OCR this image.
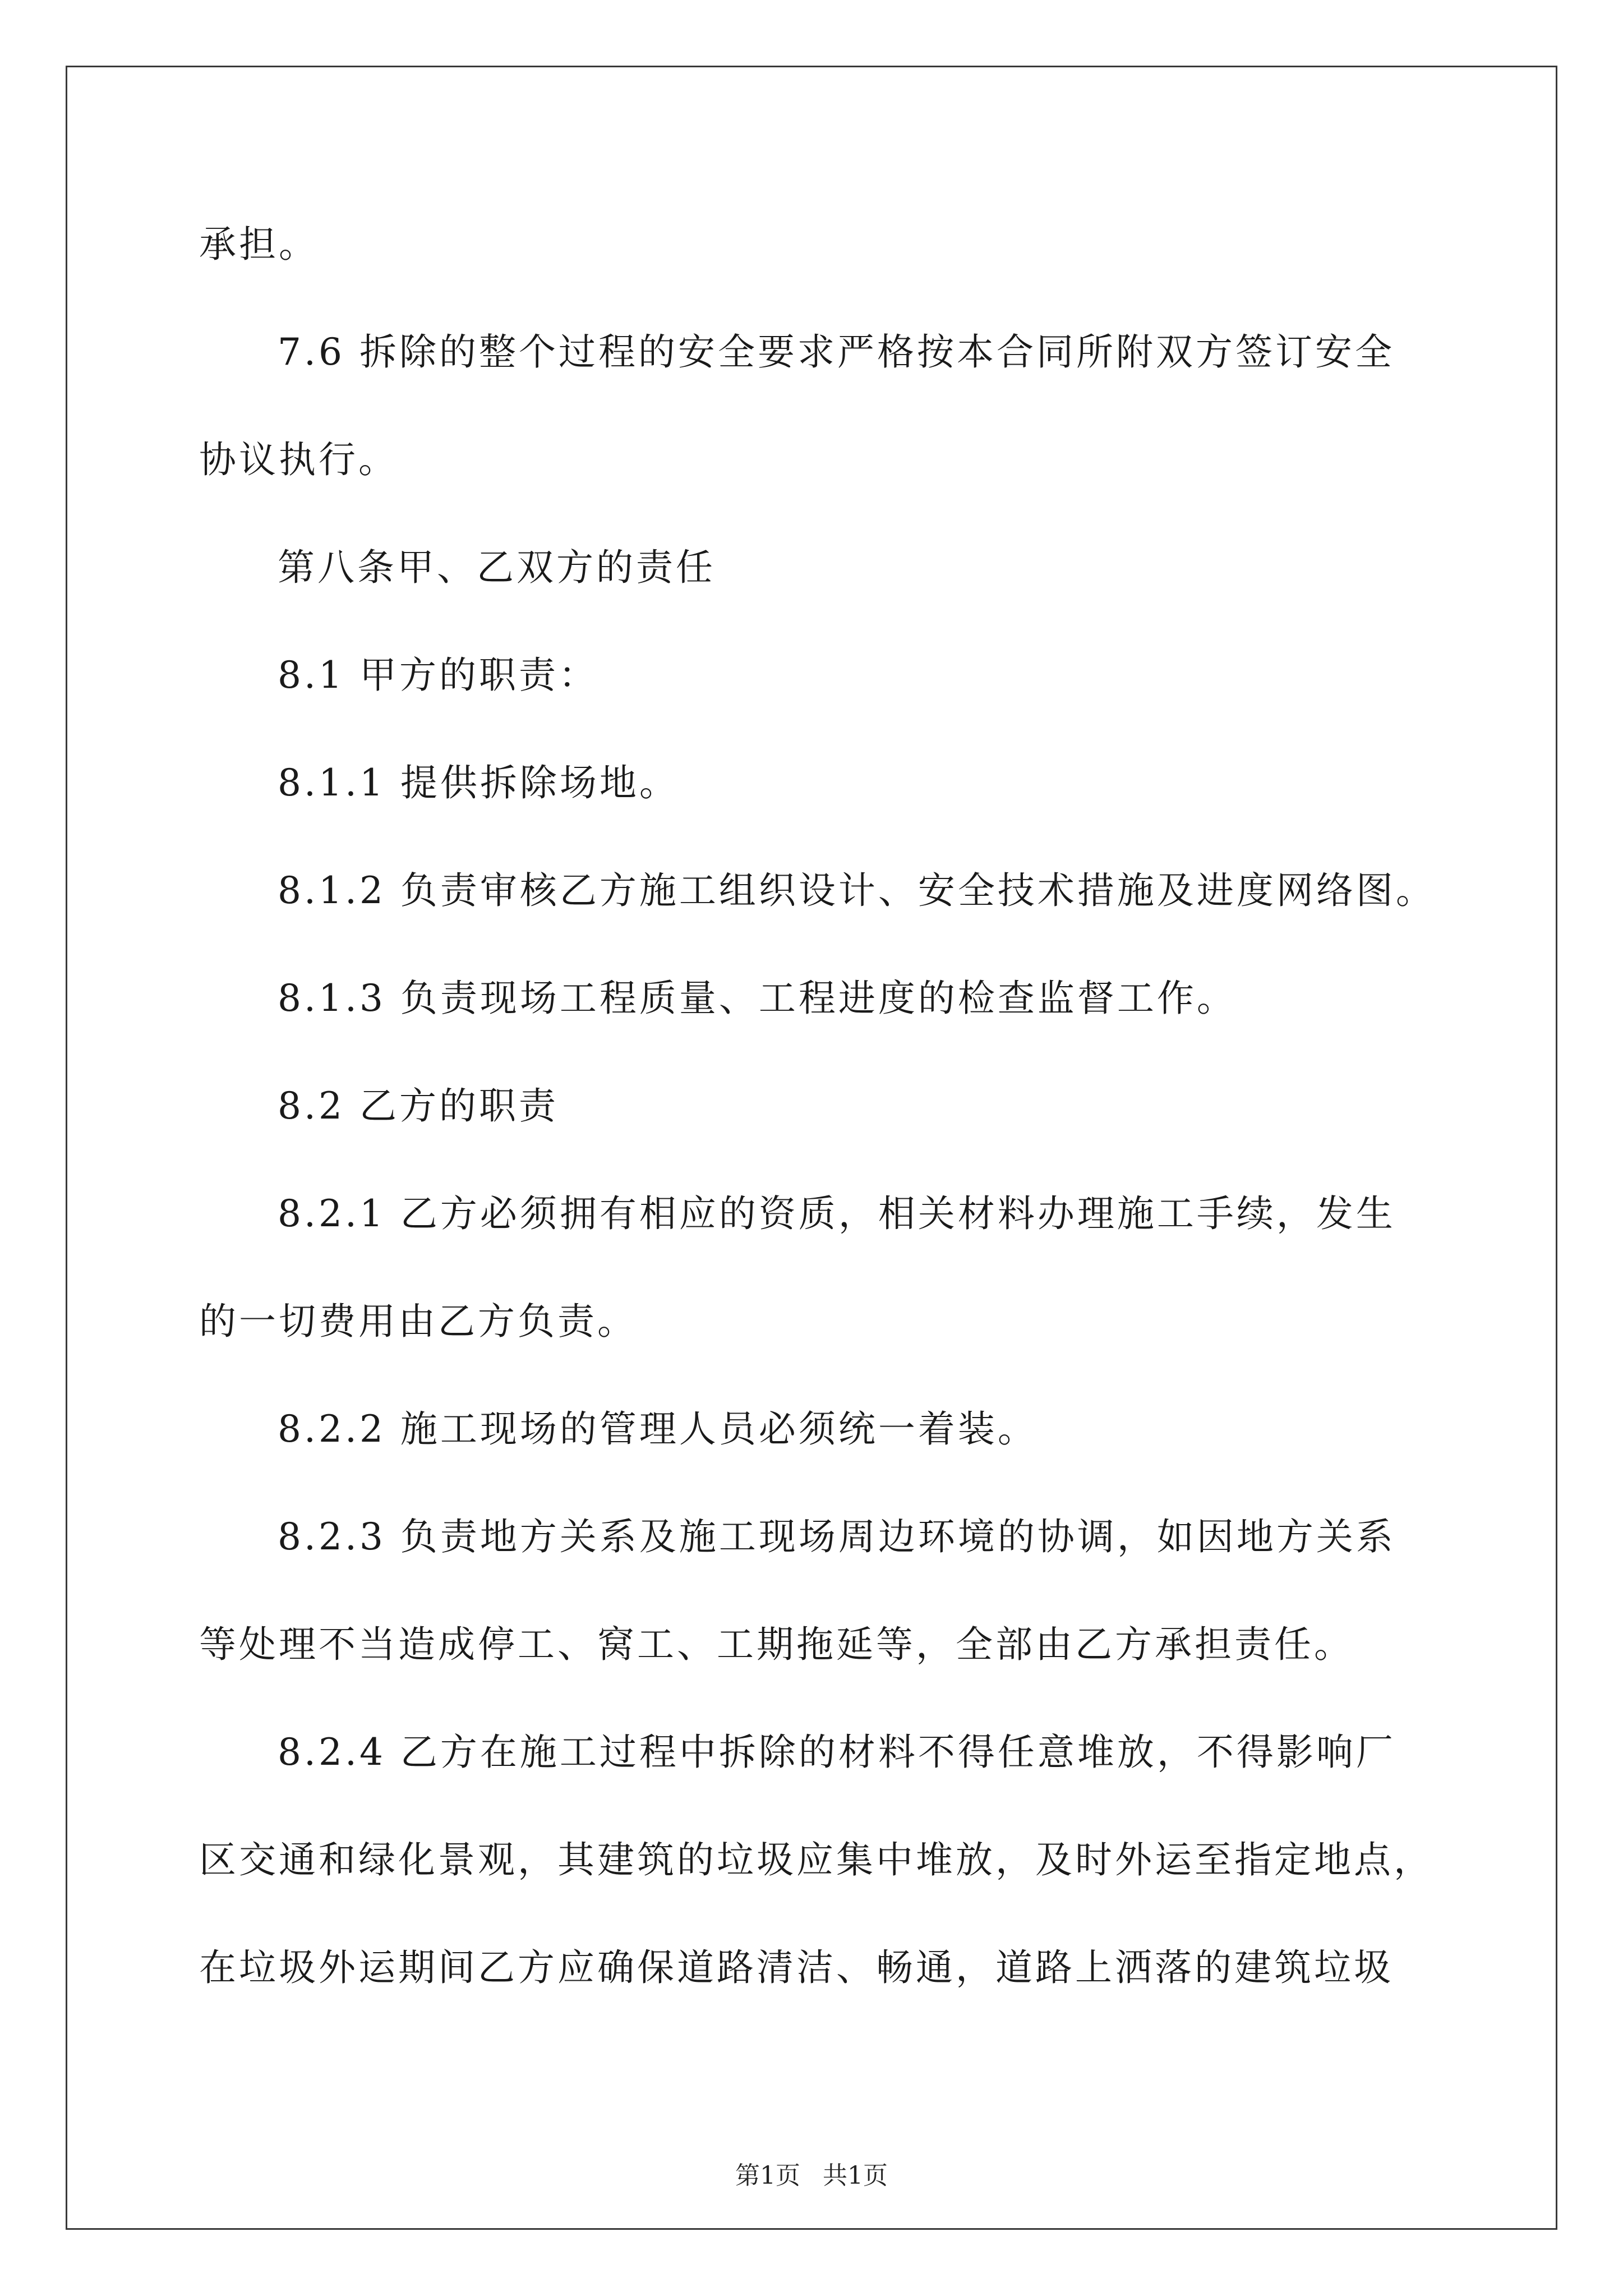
承担。
7.6 拆除的整个过程的安全要求严格按本合同所附双方签订安全
协议执行。
第八条甲、乙双方的责任
8.1 甲方的职责：
8.1.1 提供拆除场地。
8.1.2 负责审核乙方施工组织设计、安全技术措施及进度网络图。
8.1.3 负责现场工程质量、工程进度的检查监督工作。
8.2 乙方的职责
8.2.1 乙方必须拥有相应的资质，相关材料办理施工手续，发生
的一切费用由乙方负责。
8.2.2 施工现场的管理人员必须统一着装。
8.2.3 负责地方关系及施工现场周边环境的协调，如因地方关系
等处理不当造成停工、窝工、工期拖延等，全部由乙方承担责任。
8.2.4 乙方在施工过程中拆除的材料不得任意堆放，不得影响厂
区交通和绿化景观，其建筑的垃圾应集中堆放，及时外运至指定地点，
在垃圾外运期间乙方应确保道路清洁、畅通，道路上洒落的建筑垃圾
第1页 共1页
